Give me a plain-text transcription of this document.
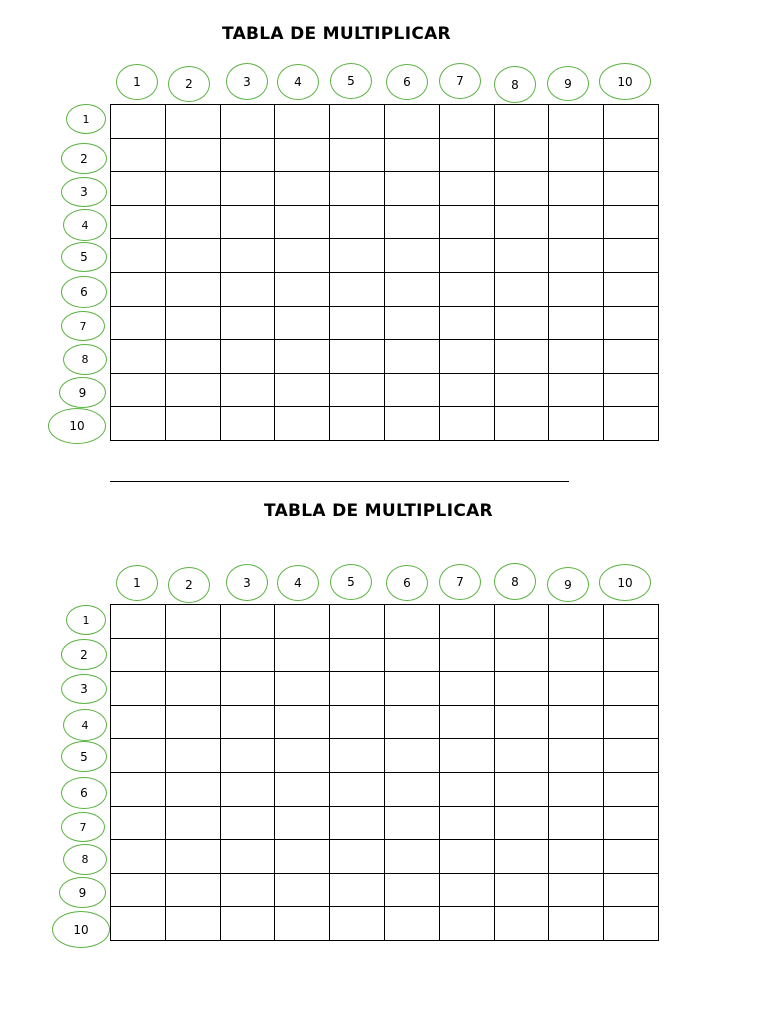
TABLA DE MULTIPLICAR
1	2	3	4	5	6	7	8	9	10
1
2
3
4
5
6
7
8
9
10

TABLA DE MULTIPLICAR
1	2	3	4	5	6	7	8	9	10
1
2
3
4
5
6
7
8
9
10
